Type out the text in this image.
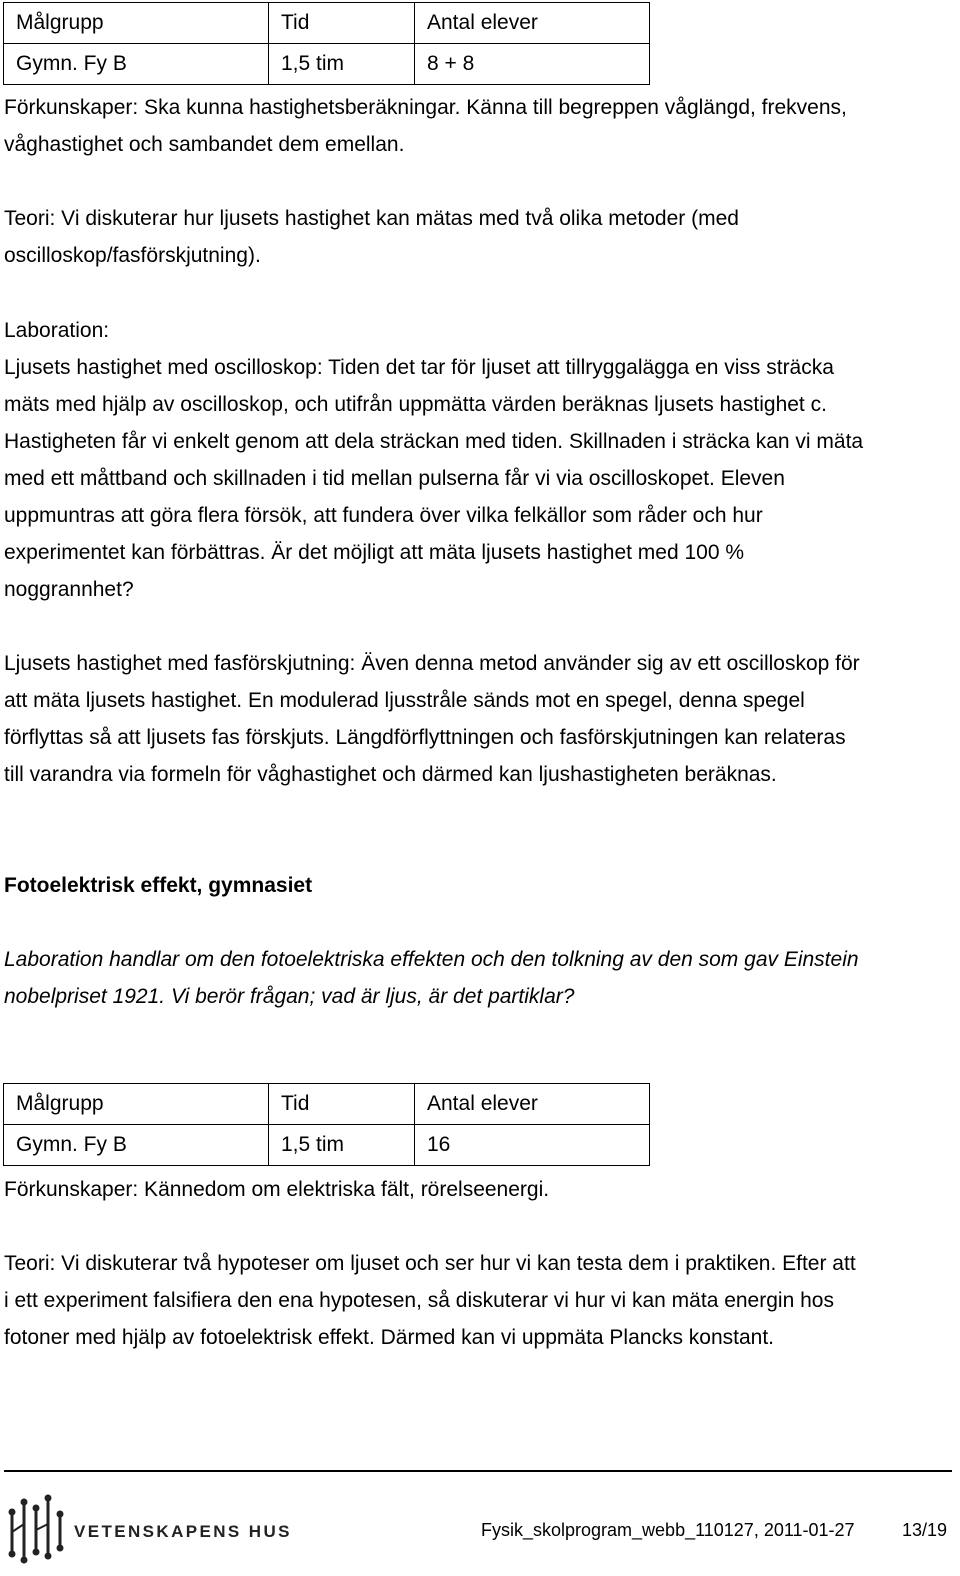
Målgrupp	Tid	Antal elever
Gymn. Fy B	1,5 tim	8 + 8
Förkunskaper: Ska kunna hastighetsberäkningar. Känna till begreppen våglängd, frekvens,
våghastighet och sambandet dem emellan.
Teori: Vi diskuterar hur ljusets hastighet kan mätas med två olika metoder (med
oscilloskop/fasförskjutning).
Laboration:
Ljusets hastighet med oscilloskop: Tiden det tar för ljuset att tillryggalägga en viss sträcka
mäts med hjälp av oscilloskop, och utifrån uppmätta värden beräknas ljusets hastighet c.
Hastigheten får vi enkelt genom att dela sträckan med tiden. Skillnaden i sträcka kan vi mäta
med ett måttband och skillnaden i tid mellan pulserna får vi via oscilloskopet. Eleven
uppmuntras att göra flera försök, att fundera över vilka felkällor som råder och hur
experimentet kan förbättras. Är det möjligt att mäta ljusets hastighet med 100 %
noggrannhet?
Ljusets hastighet med fasförskjutning: Även denna metod använder sig av ett oscilloskop för
att mäta ljusets hastighet. En modulerad ljusstråle sänds mot en spegel, denna spegel
förflyttas så att ljusets fas förskjuts. Längdförflyttningen och fasförskjutningen kan relateras
till varandra via formeln för våghastighet och därmed kan ljushastigheten beräknas.
Fotoelektrisk effekt, gymnasiet
Laboration handlar om den fotoelektriska effekten och den tolkning av den som gav Einstein
nobelpriset 1921. Vi berör frågan; vad är ljus, är det partiklar?
Målgrupp	Tid	Antal elever
Gymn. Fy B	1,5 tim	16
Förkunskaper: Kännedom om elektriska fält, rörelseenergi.
Teori: Vi diskuterar två hypoteser om ljuset och ser hur vi kan testa dem i praktiken. Efter att
i ett experiment falsifiera den ena hypotesen, så diskuterar vi hur vi kan mäta energin hos
fotoner med hjälp av fotoelektrisk effekt. Därmed kan vi uppmäta Plancks konstant.
VETENSKAPENS HUS	Fysik_skolprogram_webb_110127, 2011-01-27	13/19
